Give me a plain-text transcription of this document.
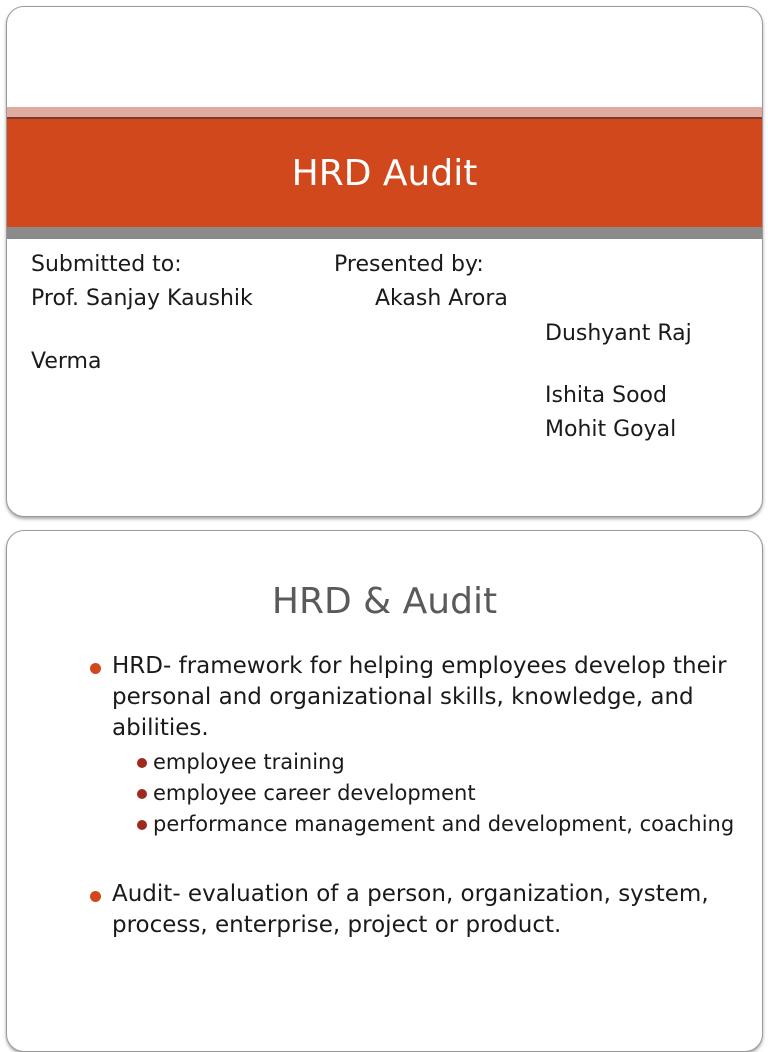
HRD Audit
Submitted to:	Presented by:
Prof. Sanjay Kaushik	Akash Arora
Dushyant Raj
Verma
Ishita Sood
Mohit Goyal
HRD & Audit
HRD- framework for helping employees develop their personal and organizational skills, knowledge, and abilities.
employee training
employee career development
performance management and development, coaching
Audit- evaluation of a person, organization, system, process, enterprise, project or product.
